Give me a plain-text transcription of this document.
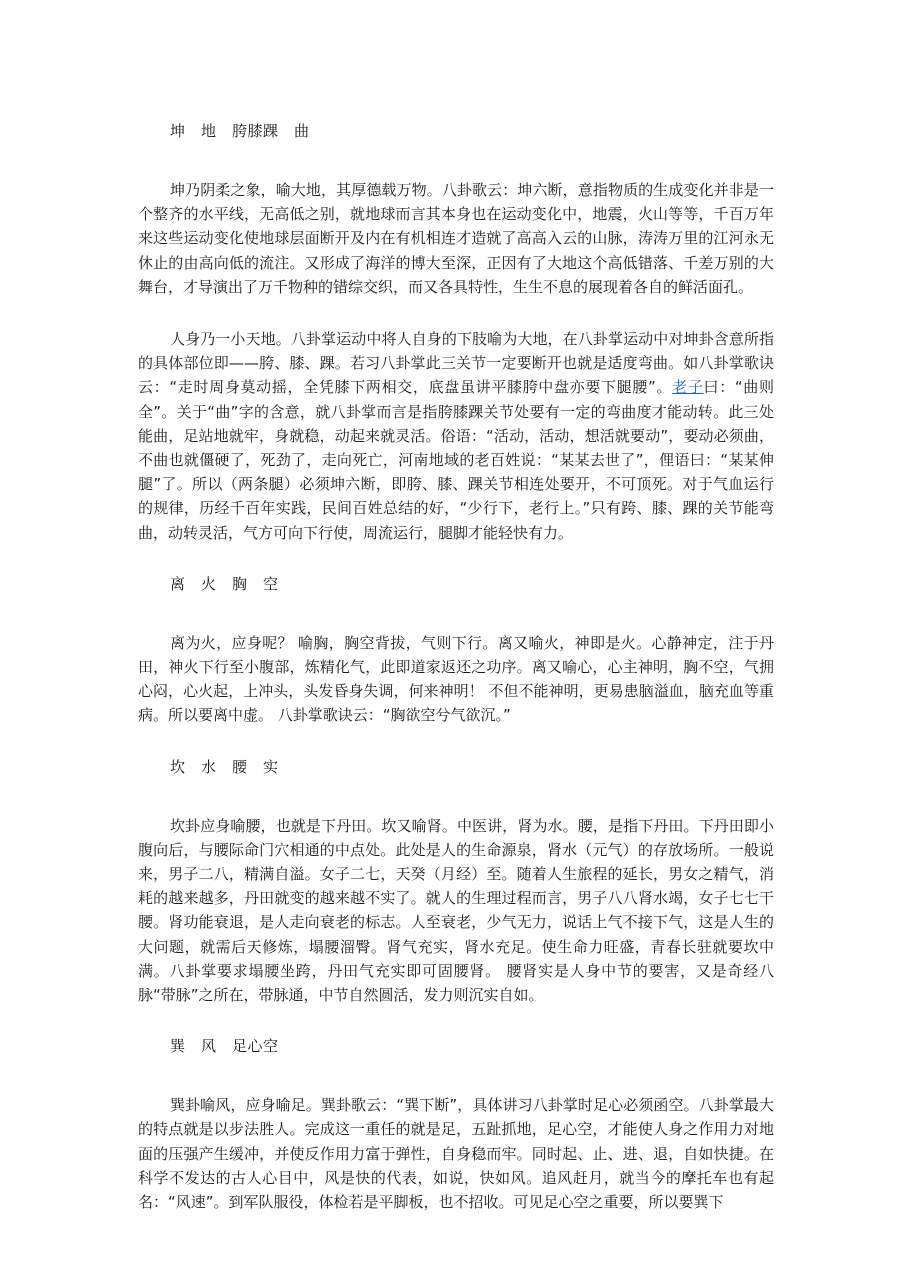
坤　地　胯膝踝　曲

坤乃阴柔之象，喻大地，其厚德载万物。八卦歌云：坤六断，意指物质的生成变化并非是一个整齐的水平线，无高低之别，就地球而言其本身也在运动变化中，地震，火山等等，千百万年来这些运动变化使地球层面断开及内在有机相连才造就了高高入云的山脉，涛涛万里的江河永无休止的由高向低的流注。又形成了海洋的博大至深，正因有了大地这个高低错落、千差万别的大舞台，才导演出了万千物种的错综交织，而又各具特性，生生不息的展现着各自的鲜活面孔。

人身乃一小天地。八卦掌运动中将人自身的下肢喻为大地，在八卦掌运动中对坤卦含意所指的具体部位即——胯、膝、踝。若习八卦掌此三关节一定要断开也就是适度弯曲。如八卦掌歌诀云：“走时周身莫动摇，全凭膝下两相交，底盘虽讲平膝胯中盘亦要下腿腰”。老子曰：“曲则全”。关于“曲”字的含意，就八卦掌而言是指胯膝踝关节处要有一定的弯曲度才能动转。此三处能曲，足站地就牢，身就稳，动起来就灵活。俗语：“活动，活动，想活就要动”，要动必须曲，不曲也就僵硬了，死劲了，走向死亡，河南地域的老百姓说：“某某去世了”，俚语曰：“某某伸腿”了。所以（两条腿）必须坤六断，即胯、膝、踝关节相连处要开，不可顶死。对于气血运行的规律，历经千百年实践，民间百姓总结的好，“少行下，老行上。”只有跨、膝、踝的关节能弯曲，动转灵活，气方可向下行使，周流运行，腿脚才能轻快有力。

离　火　胸　空

离为火，应身呢？ 喻胸，胸空背拔，气则下行。离又喻火，神即是火。心静神定，注于丹田，神火下行至小腹部，炼精化气，此即道家返还之功序。离又喻心，心主神明，胸不空，气拥心闷，心火起，上冲头，头发昏身失调，何来神明！ 不但不能神明，更易患脑溢血，脑充血等重病。所以要离中虚。 八卦掌歌诀云：“胸欲空兮气欲沉。”

坎　水　腰　实

坎卦应身喻腰，也就是下丹田。坎又喻肾。中医讲，肾为水。腰，是指下丹田。下丹田即小腹向后，与腰际命门穴相通的中点处。此处是人的生命源泉，肾水（元气）的存放场所。一般说来，男子二八，精满自溢。女子二七，天癸（月经）至。随着人生旅程的延长，男女之精气，消耗的越来越多，丹田就变的越来越不实了。就人的生理过程而言，男子八八肾水竭，女子七七干腰。肾功能衰退，是人走向衰老的标志。人至衰老，少气无力，说话上气不接下气，这是人生的大问题，就需后天修炼，塌腰溜臀。肾气充实，肾水充足。使生命力旺盛，青春长驻就要坎中满。八卦掌要求塌腰坐跨，丹田气充实即可固腰肾。 腰肾实是人身中节的要害，又是奇经八脉“带脉”之所在，带脉通，中节自然圆活，发力则沉实自如。

巽　风　足心空

巽卦喻风，应身喻足。巽卦歌云：“巽下断”，具体讲习八卦掌时足心必须函空。八卦掌最大的特点就是以步法胜人。完成这一重任的就是足，五趾抓地，足心空，才能使人身之作用力对地面的压强产生缓冲，并使反作用力富于弹性，自身稳而牢。同时起、止、进、退，自如快捷。在科学不发达的古人心目中，风是快的代表，如说，快如风。追风赶月，就当今的摩托车也有起名：“风速”。到军队服役，体检若是平脚板，也不招收。可见足心空之重要，所以要巽下
